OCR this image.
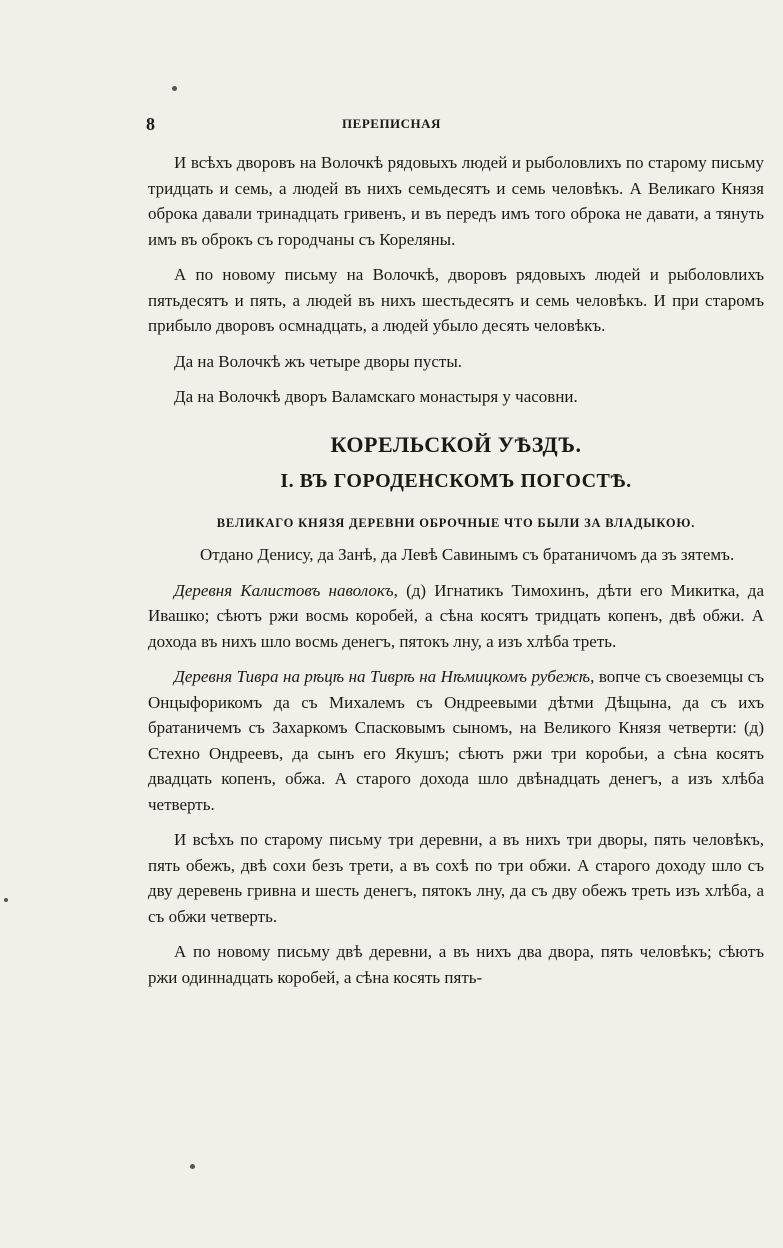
8	ПЕРЕПИСНАЯ

И всѣхъ дворовъ на Волочкѣ рядовыхъ людей и рыболовлихъ по старому письму тридцать и семь, а людей въ нихъ семьдесятъ и семь человѣкъ. А Великаго Князя оброка давали тринадцать гривенъ, и въ передъ имъ того оброка не давати, а тянуть имъ въ оброкъ съ городчаны съ Кореляны.

А по новому письму на Волочкѣ, дворовъ рядовыхъ людей и рыболовлихъ пятьдесятъ и пять, а людей въ нихъ шестьдесятъ и семь человѣкъ. И при старомъ прибыло дворовъ осмнадцать, а людей убыло десять человѣкъ.

Да на Волочкѣ жъ четыре дворы пусты.

Да на Волочкѣ дворъ Валамскаго монастыря у часовни.

КОРЕЛЬСКОЙ УѢЗДЪ.
I. ВЪ ГОРОДЕНСКОМЪ ПОГОСТѢ.
ВЕЛИКАГО КНЯЗЯ ДЕРЕВНИ ОБРОЧНЫЕ ЧТО БЫЛИ ЗА ВЛАДЫКОЮ.

Отдано Денису, да Занѣ, да Левѣ Савинымъ съ братаничомъ да зъ зятемъ.

Деревня Калистовъ наволокъ, (д) Игнатикъ Тимохинъ, дѣти его Микитка, да Ивашко; сѣютъ ржи восмь коробей, а сѣна косятъ тридцать копенъ, двѣ обжи. А дохода въ нихъ шло восмь денегъ, пятокъ лну, а изъ хлѣба треть.

Деревня Тивра на рѣцѣ на Тиврѣ на Нѣмицкомъ рубежѣ, вопче съ своеземцы съ Онцыфорикомъ да съ Михалемъ съ Ондреевыми дѣтми Дѣщына, да съ ихъ братаничемъ съ Захаркомъ Спасковымъ сыномъ, на Великого Князя четверти: (д) Стехно Ондреевъ, да сынъ его Якушъ; сѣютъ ржи три коробьи, а сѣна косятъ двадцать копенъ, обжа. А старого дохода шло двѣнадцать денегъ, а изъ хлѣба четверть.

И всѣхъ по старому письму три деревни, а въ нихъ три дворы, пять человѣкъ, пять обежъ, двѣ сохи безъ трети, а въ сохѣ по три обжи. А старого доходу шло съ дву деревень гривна и шесть денегъ, пятокъ лну, да съ дву обежъ треть изъ хлѣба, а съ обжи четверть.

А по новому письму двѣ деревни, а въ нихъ два двора, пять человѣкъ; сѣютъ ржи одиннадцать коробей, а сѣна косять пять-
